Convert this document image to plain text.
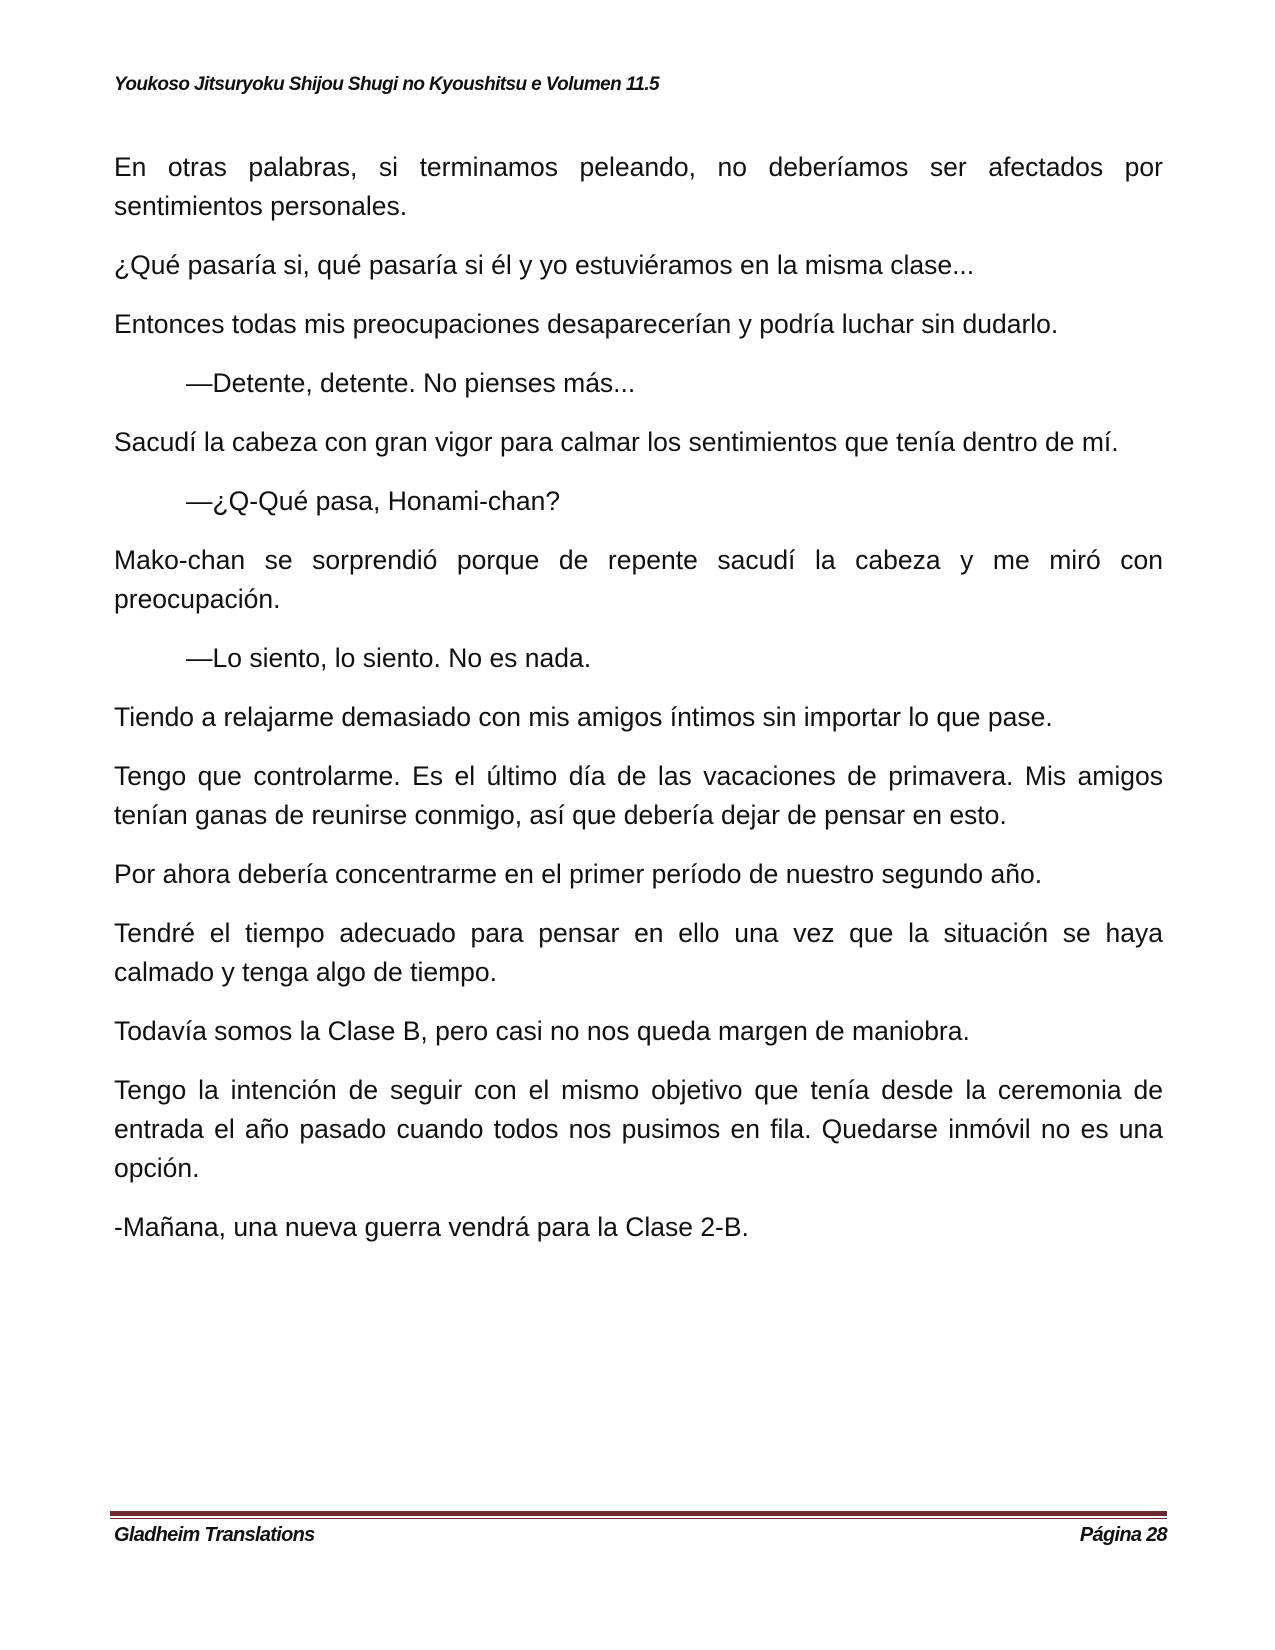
Youkoso Jitsuryoku Shijou Shugi no Kyoushitsu e Volumen 11.5

En otras palabras, si terminamos peleando, no deberíamos ser afectados por sentimientos personales.

¿Qué pasaría si, qué pasaría si él y yo estuviéramos en la misma clase...

Entonces todas mis preocupaciones desaparecerían y podría luchar sin dudarlo.

—Detente, detente. No pienses más...

Sacudí la cabeza con gran vigor para calmar los sentimientos que tenía dentro de mí.

—¿Q-Qué pasa, Honami-chan?

Mako-chan se sorprendió porque de repente sacudí la cabeza y me miró con preocupación.

—Lo siento, lo siento. No es nada.

Tiendo a relajarme demasiado con mis amigos íntimos sin importar lo que pase.

Tengo que controlarme. Es el último día de las vacaciones de primavera. Mis amigos tenían ganas de reunirse conmigo, así que debería dejar de pensar en esto.

Por ahora debería concentrarme en el primer período de nuestro segundo año.

Tendré el tiempo adecuado para pensar en ello una vez que la situación se haya calmado y tenga algo de tiempo.

Todavía somos la Clase B, pero casi no nos queda margen de maniobra.

Tengo la intención de seguir con el mismo objetivo que tenía desde la ceremonia de entrada el año pasado cuando todos nos pusimos en fila. Quedarse inmóvil no es una opción.

-Mañana, una nueva guerra vendrá para la Clase 2-B.

Gladheim Translations	Página 28
